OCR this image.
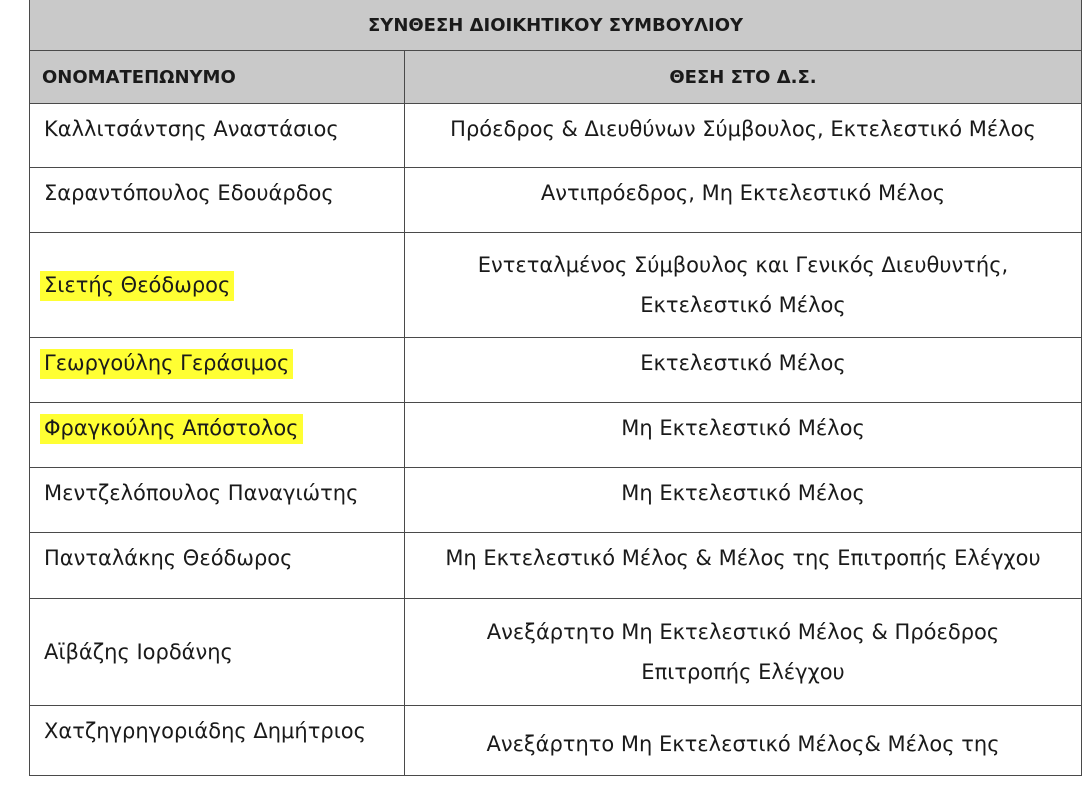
ΣΥΝΘΕΣΗ ΔΙΟΙΚΗΤΙΚΟΥ ΣΥΜΒΟΥΛΙΟΥ	
ΟΝΟΜΑΤΕΠΩΝΥΜΟ	ΘΕΣΗ ΣΤΟ Δ.Σ.
Καλλιτσάντσης Αναστάσιος	Πρόεδρος & Διευθύνων Σύμβουλος, Εκτελεστικό Μέλος

Σαραντόπουλος Εδουάρδος	Αντιπρόεδρος, Μη Εκτελεστικό Μέλος

Σιετής Θεόδωρος	Εντεταλμένος Σύμβουλος και Γενικός Διευθυντής,
Εκτελεστικό Μέλος

Γεωργούλης Γεράσιμος	Εκτελεστικό Μέλος

Φραγκούλης Απόστολος	Μη Εκτελεστικό Μέλος

Μεντζελόπουλος Παναγιώτης	Μη Εκτελεστικό Μέλος

Πανταλάκης Θεόδωρος	Μη Εκτελεστικό Μέλος & Μέλος της Επιτροπής Ελέγχου

Αϊβάζης Ιορδάνης	Ανεξάρτητο Μη Εκτελεστικό Μέλος & Πρόεδρος
Επιτροπής Ελέγχου

Χατζηγρηγοριάδης Δημήτριος	Ανεξάρτητο Μη Εκτελεστικό Μέλος& Μέλος της
